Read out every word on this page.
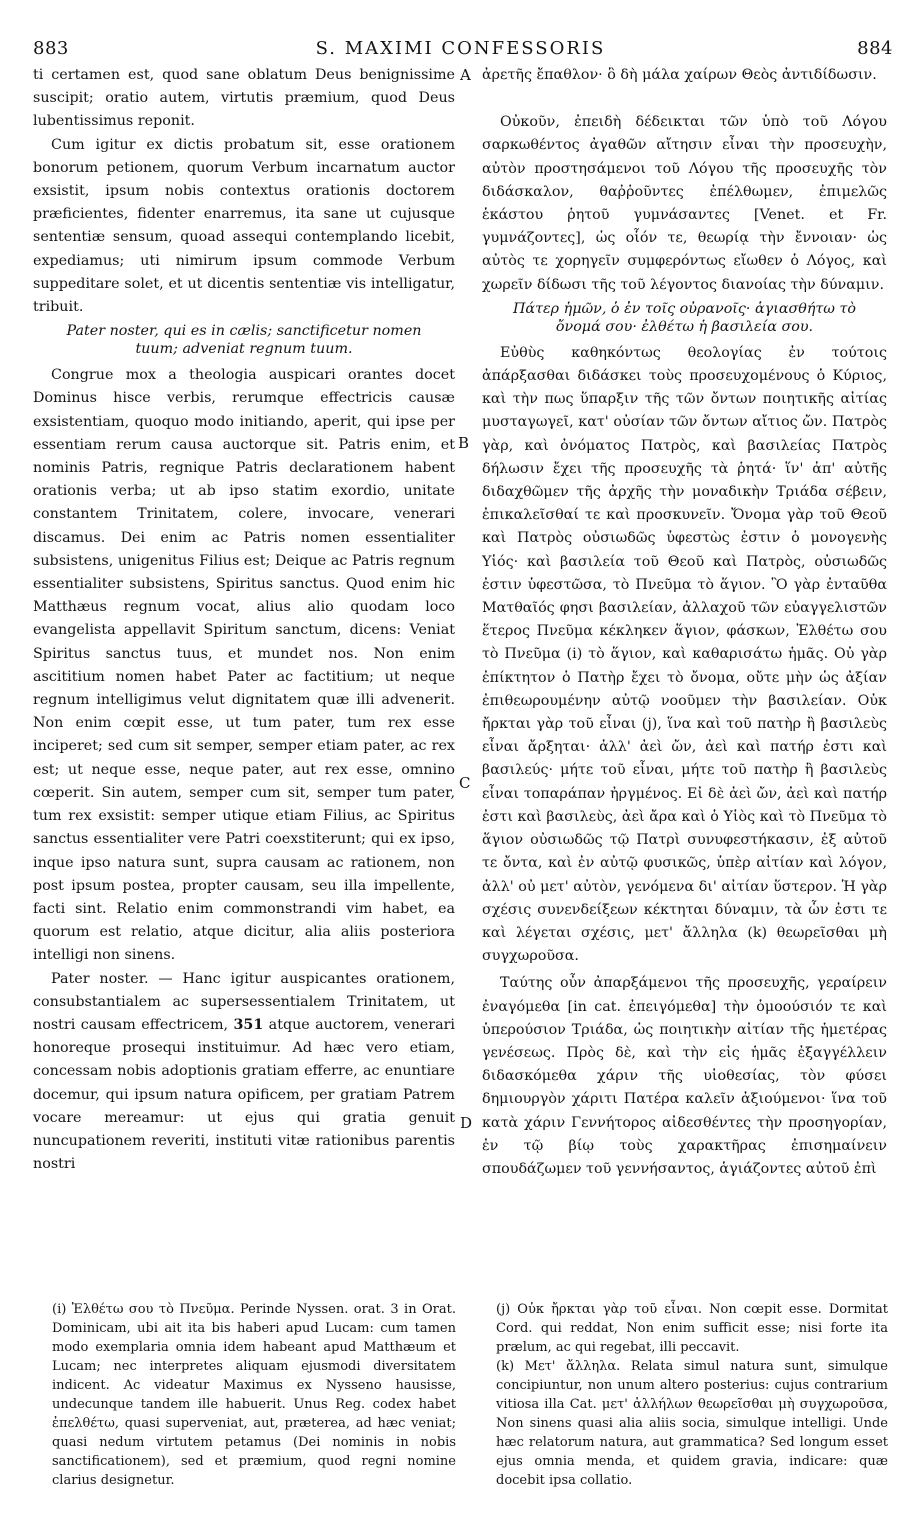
883	S. MAXIMI CONFESSORIS	884
A
B
C
D

ti certamen est, quod sane oblatum Deus benignissime suscipit; oratio autem, virtutis præmium, quod Deus lubentissimus reponit.

Cum igitur ex dictis probatum sit, esse orationem bonorum petionem, quorum Verbum incarnatum auctor exsistit, ipsum nobis contextus orationis doctorem præficientes, fidenter enarremus, ita sane ut cujusque sententiæ sensum, quoad assequi contemplando licebit, expediamus; uti nimirum ipsum commode Verbum suppeditare solet, et ut dicentis sententiæ vis intelligatur, tribuit.

Pater noster, qui es in cælis; sanctificetur nomen
tuum; adveniat regnum tuum.

Congrue mox a theologia auspicari orantes docet Dominus hisce verbis, rerumque effectricis causæ exsistentiam, quoquo modo initiando, aperit, qui ipse per essentiam rerum causa auctorque sit. Patris enim, et nominis Patris, regnique Patris declarationem habent orationis verba; ut ab ipso statim exordio, unitate constantem Trinitatem, colere, invocare, venerari discamus. Dei enim ac Patris nomen essentialiter subsistens, unigenitus Filius est; Deique ac Patris regnum essentialiter subsistens, Spiritus sanctus. Quod enim hic Matthæus regnum vocat, alius alio quodam loco evangelista appellavit Spiritum sanctum, dicens: Veniat Spiritus sanctus tuus, et mundet nos. Non enim ascititium nomen habet Pater ac factitium; ut neque regnum intelligimus velut dignitatem quæ illi advenerit. Non enim cœpit esse, ut tum pater, tum rex esse inciperet; sed cum sit semper, semper etiam pater, ac rex est; ut neque esse, neque pater, aut rex esse, omnino cœperit. Sin autem, semper cum sit, semper tum pater, tum rex exsistit: semper utique etiam Filius, ac Spiritus sanctus essentialiter vere Patri coexstiterunt; qui ex ipso, inque ipso natura sunt, supra causam ac rationem, non post ipsum postea, propter causam, seu illa impellente, facti sint. Relatio enim commonstrandi vim habet, ea quorum est relatio, atque dicitur, alia aliis posteriora intelligi non sinens.

Pater noster. — Hanc igitur auspicantes orationem, consubstantialem ac supersessentialem Trinitatem, ut nostri causam effectricem, 351 atque auctorem, venerari honoreque prosequi instituimur. Ad hæc vero etiam, concessam nobis adoptionis gratiam efferre, ac enuntiare docemur, qui ipsum natura opificem, per gratiam Patrem vocare mereamur: ut ejus qui gratia genuit nuncupationem reveriti, instituti vitæ rationibus parentis nostri

ἀρετῆς ἔπαθλον· ὃ δὴ μάλα χαίρων Θεὸς ἀντιδίδωσιν.

Οὐκοῦν, ἐπειδὴ δέδεικται τῶν ὑπὸ τοῦ Λόγου σαρκωθέντος ἀγαθῶν αἴτησιν εἶναι τὴν προσευχὴν, αὐτὸν προστησάμενοι τοῦ Λόγου τῆς προσευχῆς τὸν διδάσκαλον, θαῤῥοῦντες ἐπέλθωμεν, ἐπιμελῶς ἑκάστου ῥητοῦ γυμνάσαντες [Venet. et Fr. γυμνάζοντες], ὡς οἷόν τε, θεωρίᾳ τὴν ἔννοιαν· ὡς αὐτὸς τε χορηγεῖν συμφερόντως εἴωθεν ὁ Λόγος, καὶ χωρεῖν δίδωσι τῆς τοῦ λέγοντος διανοίας τὴν δύναμιν.

Πάτερ ἡμῶν, ὁ ἐν τοῖς οὐρανοῖς· ἁγιασθήτω τὸ
ὄνομά σου· ἐλθέτω ἡ βασιλεία σου.

Εὐθὺς καθηκόντως θεολογίας ἐν τούτοις ἀπάρξασθαι διδάσκει τοὺς προσευχομένους ὁ Κύριος, καὶ τὴν πως ὕπαρξιν τῆς τῶν ὄντων ποιητικῆς αἰτίας μυσταγωγεῖ, κατ' οὐσίαν τῶν ὄντων αἴτιος ὤν. Πατρὸς γὰρ, καὶ ὀνόματος Πατρὸς, καὶ βασιλείας Πατρὸς δήλωσιν ἔχει τῆς προσευχῆς τὰ ῥητά· ἵν' ἀπ' αὐτῆς διδαχθῶμεν τῆς ἀρχῆς τὴν μοναδικὴν Τριάδα σέβειν, ἐπικαλεῖσθαί τε καὶ προσκυνεῖν. Ὄνομα γὰρ τοῦ Θεοῦ καὶ Πατρὸς οὐσιωδῶς ὑφεστὼς ἐστιν ὁ μονογενὴς Υἱός· καὶ βασιλεία τοῦ Θεοῦ καὶ Πατρὸς, οὐσιωδῶς ἐστιν ὑφεστῶσα, τὸ Πνεῦμα τὸ ἅγιον. Ὃ γὰρ ἐνταῦθα Ματθαῖός φησι βασιλείαν, ἀλλαχοῦ τῶν εὐαγγελιστῶν ἕτερος Πνεῦμα κέκληκεν ἅγιον, φάσκων, Ἐλθέτω σου τὸ Πνεῦμα (i) τὸ ἅγιον, καὶ καθαρισάτω ἡμᾶς. Οὐ γὰρ ἐπίκτητον ὁ Πατὴρ ἔχει τὸ ὄνομα, οὔτε μὴν ὡς ἀξίαν ἐπιθεωρουμένην αὐτῷ νοοῦμεν τὴν βασιλείαν. Οὐκ ἤρκται γὰρ τοῦ εἶναι (j), ἵνα καὶ τοῦ πατὴρ ἢ βασιλεὺς εἶναι ἄρξηται· ἀλλ' ἀεὶ ὤν, ἀεὶ καὶ πατήρ ἐστι καὶ βασιλεύς· μήτε τοῦ εἶναι, μήτε τοῦ πατὴρ ἢ βασιλεὺς εἶναι τοπαράπαν ἠργμένος. Εἰ δὲ ἀεὶ ὤν, ἀεὶ καὶ πατήρ ἐστι καὶ βασιλεὺς, ἀεὶ ἄρα καὶ ὁ Υἱὸς καὶ τὸ Πνεῦμα τὸ ἅγιον οὐσιωδῶς τῷ Πατρὶ συνυφεστήκασιν, ἐξ αὐτοῦ τε ὄντα, καὶ ἐν αὐτῷ φυσικῶς, ὑπὲρ αἰτίαν καὶ λόγον, ἀλλ' οὐ μετ' αὐτὸν, γενόμενα δι' αἰτίαν ὕστερον. Ἡ γὰρ σχέσις συνενδείξεων κέκτηται δύναμιν, τὰ ὧν ἐστι τε καὶ λέγεται σχέσις, μετ' ἄλληλα (k) θεωρεῖσθαι μὴ συγχωροῦσα.

Ταύτης οὖν ἀπαρξάμενοι τῆς προσευχῆς, γεραίρειν ἐναγόμεθα [in cat. ἐπειγόμεθα] τὴν ὁμοούσιόν τε καὶ ὑπερούσιον Τριάδα, ὡς ποιητικὴν αἰτίαν τῆς ἡμετέρας γενέσεως. Πρὸς δὲ, καὶ τὴν εἰς ἡμᾶς ἐξαγγέλλειν διδασκόμεθα χάριν τῆς υἱοθεσίας, τὸν φύσει δημιουργὸν χάριτι Πατέρα καλεῖν ἀξιούμενοι· ἵνα τοῦ κατὰ χάριν Γεννήτορος αἰδεσθέντες τὴν προσηγορίαν, ἐν τῷ βίῳ τοὺς χαρακτῆρας ἐπισημαίνειν σπουδάζωμεν τοῦ γεννήσαντος, ἁγιάζοντες αὐτοῦ ἐπὶ

(i) Ἐλθέτω σου τὸ Πνεῦμα. Perinde Nyssen. orat. 3 in Orat. Dominicam, ubi ait ita bis haberi apud Lucam: cum tamen modo exemplaria omnia idem habeant apud Matthæum et Lucam; nec interpretes aliquam ejusmodi diversitatem indicent. Ac videatur Maximus ex Nysseno hausisse, undecunque tandem ille habuerit. Unus Reg. codex habet ἐπελθέτω, quasi superveniat, aut, præterea, ad hæc veniat; quasi nedum virtutem petamus (Dei nominis in nobis sanctificationem), sed et præmium, quod regni nomine clarius designetur.

(j) Οὐκ ἤρκται γὰρ τοῦ εἶναι. Non cœpit esse. Dormitat Cord. qui reddat, Non enim sufficit esse; nisi forte ita prælum, ac qui regebat, illi peccavit.

(k) Μετ' ἄλληλα. Relata simul natura sunt, simulque concipiuntur, non unum altero posterius: cujus contrarium vitiosa illa Cat. μετ' ἀλλήλων θεωρεῖσθαι μὴ συγχωροῦσα, Non sinens quasi alia aliis socia, simulque intelligi. Unde hæc relatorum natura, aut grammatica? Sed longum esset ejus omnia menda, et quidem gravia, indicare: quæ docebit ipsa collatio.
